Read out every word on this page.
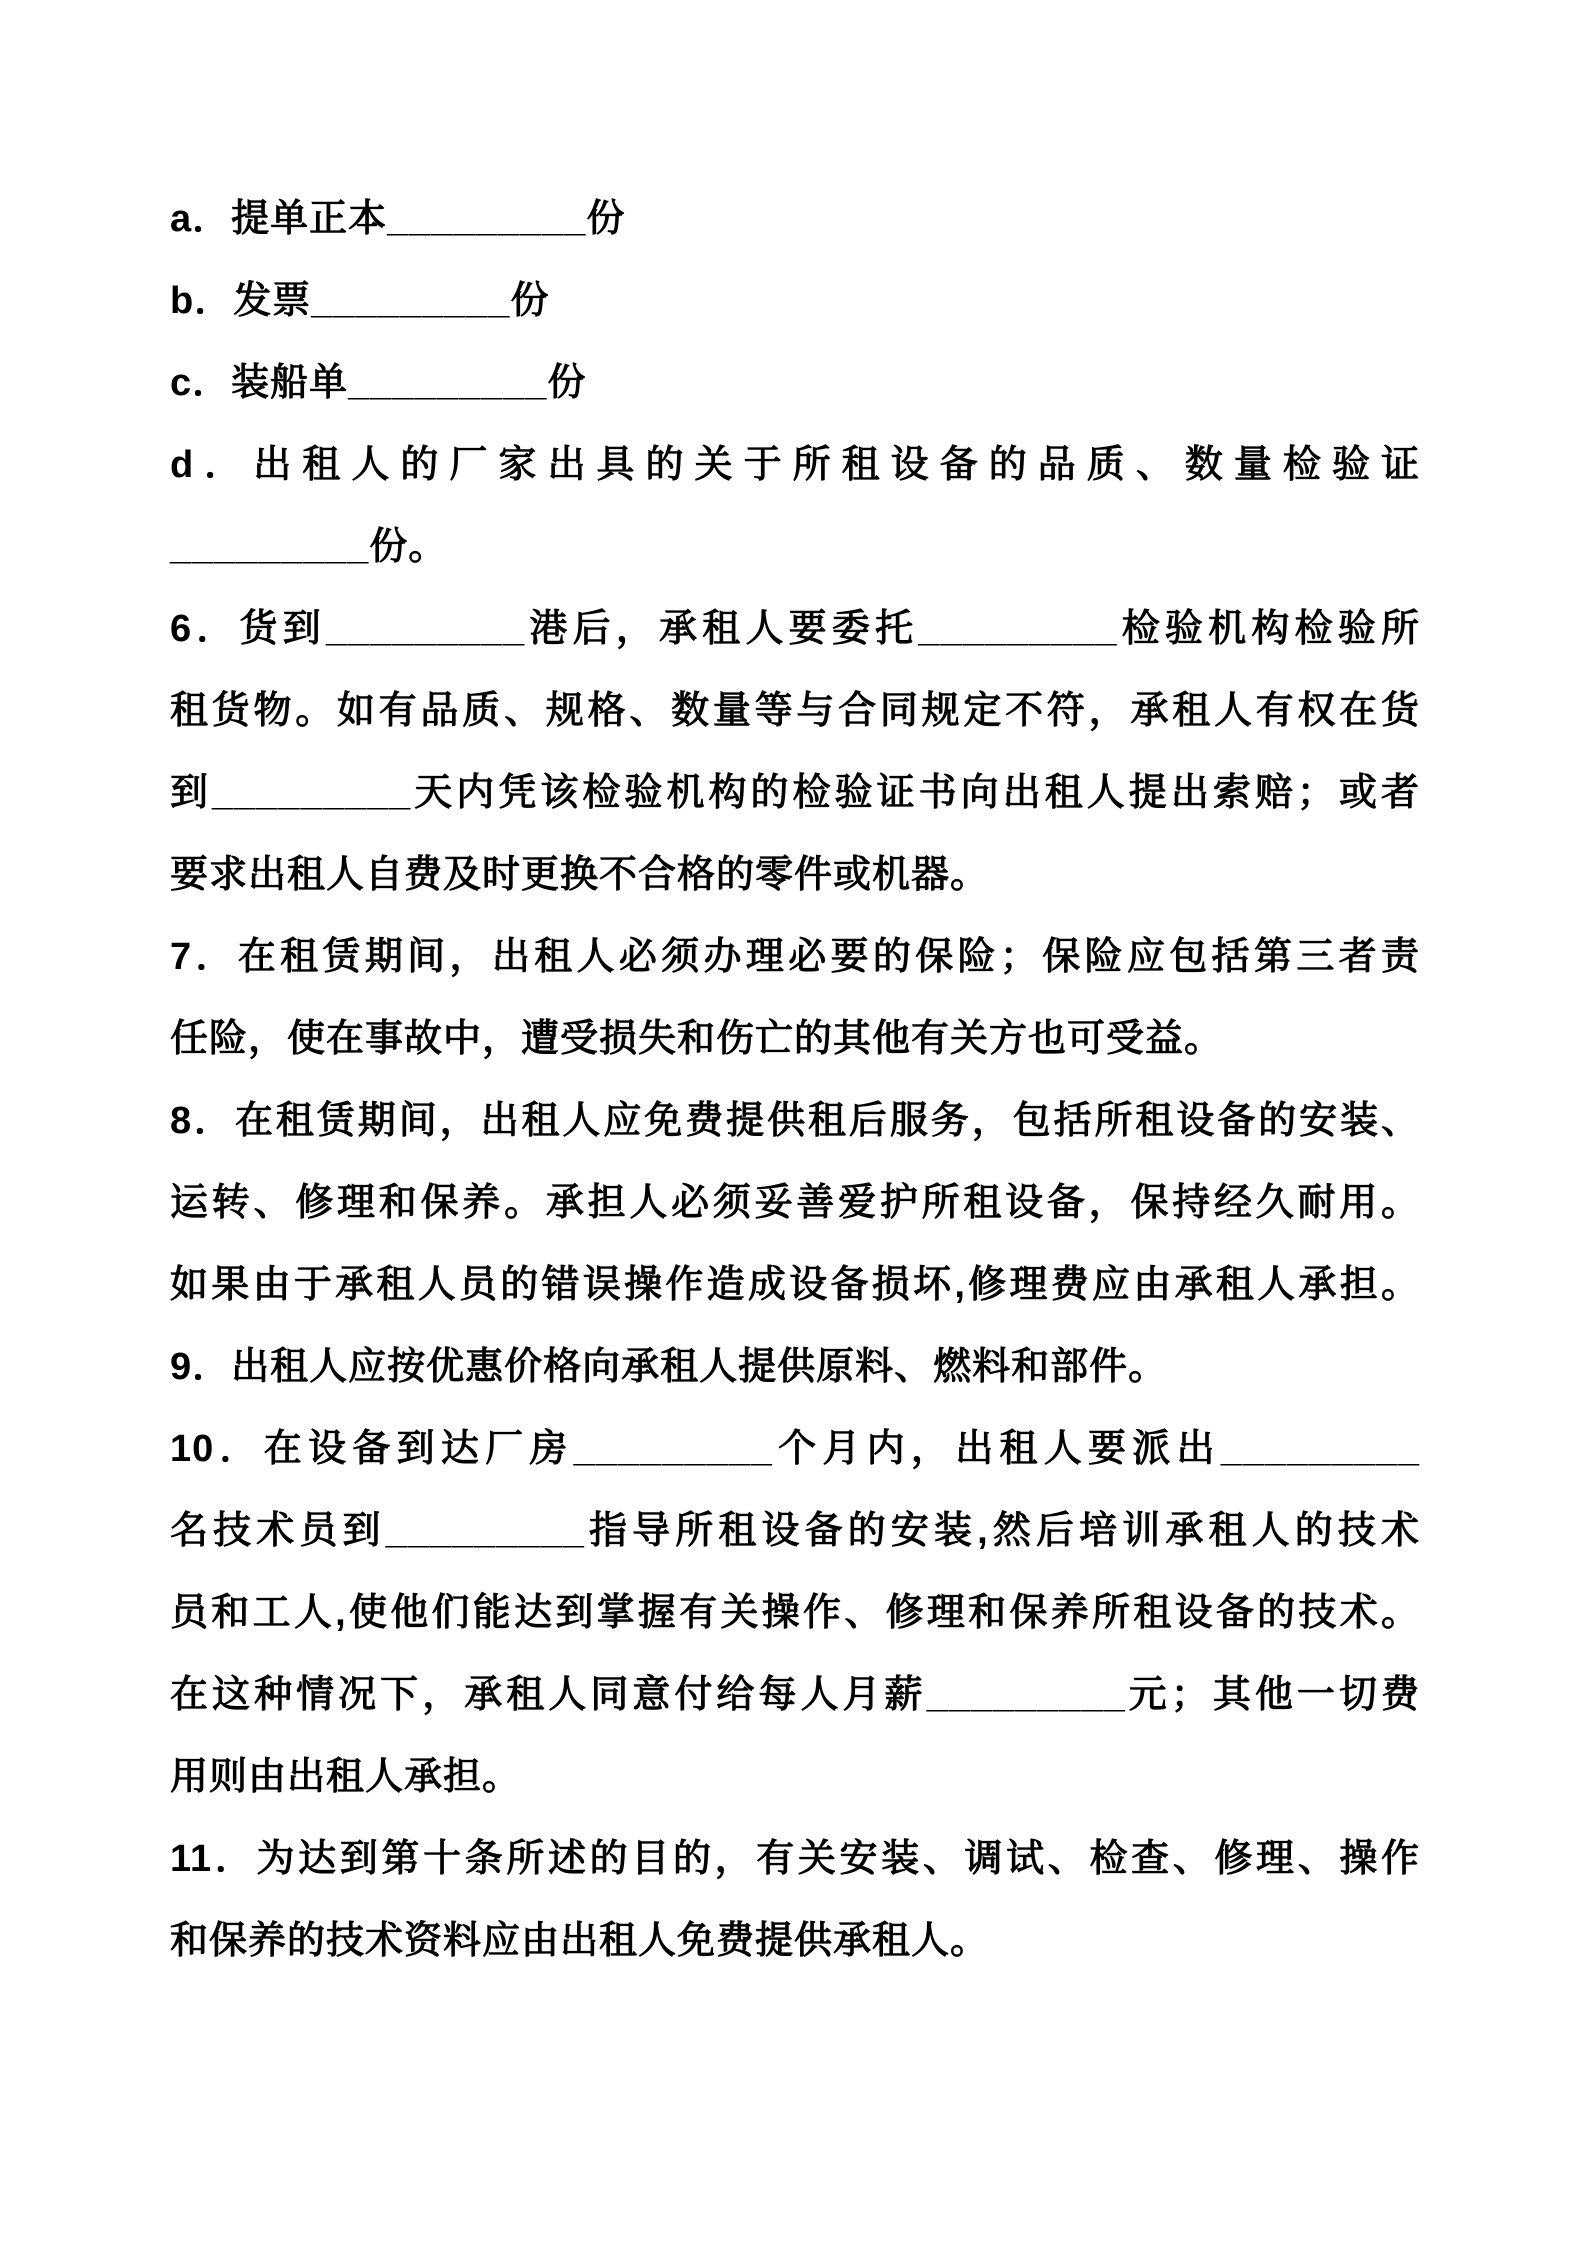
a．提单正本_________份
b．发票_________份
c．装船单_________份
d．出租人的厂家出具的关于所租设备的品质、数量检验证
_________份。
6．货到_________港后，承租人要委托_________检验机构检验所
租货物。如有品质、规格、数量等与合同规定不符，承租人有权在货
到_________天内凭该检验机构的检验证书向出租人提出索赔；或者
要求出租人自费及时更换不合格的零件或机器。
7．在租赁期间，出租人必须办理必要的保险；保险应包括第三者责
任险，使在事故中，遭受损失和伤亡的其他有关方也可受益。
8．在租赁期间，出租人应免费提供租后服务，包括所租设备的安装、
运转、修理和保养。承担人必须妥善爱护所租设备，保持经久耐用。
如果由于承租人员的错误操作造成设备损坏,修理费应由承租人承担。
9．出租人应按优惠价格向承租人提供原料、燃料和部件。
10．在设备到达厂房_________个月内，出租人要派出_________
名技术员到_________指导所租设备的安装,然后培训承租人的技术
员和工人,使他们能达到掌握有关操作、修理和保养所租设备的技术。
在这种情况下，承租人同意付给每人月薪_________元；其他一切费
用则由出租人承担。
11．为达到第十条所述的目的，有关安装、调试、检查、修理、操作
和保养的技术资料应由出租人免费提供承租人。
